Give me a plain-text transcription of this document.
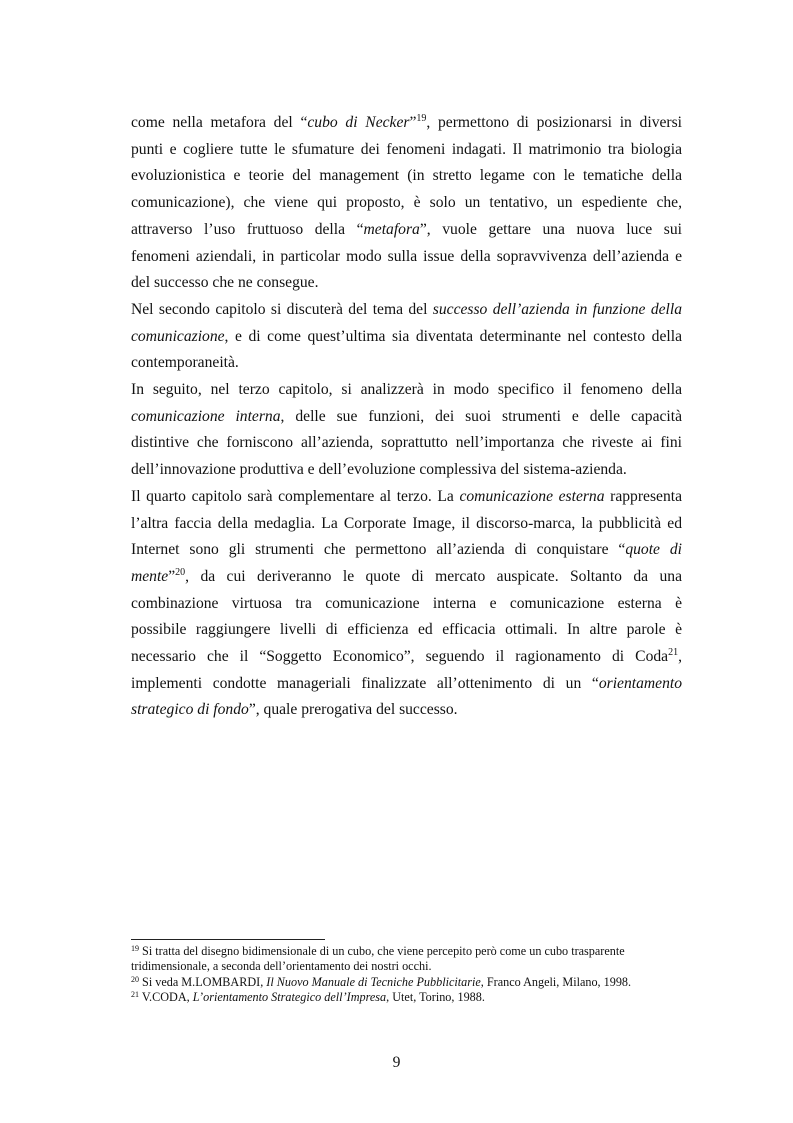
come nella metafora del “cubo di Necker”$^{19}$, permettono di posizionarsi in diversi
punti e cogliere tutte le sfumature dei fenomeni indagati. Il matrimonio tra biologia
evoluzionistica e teorie del management (in stretto legame con le tematiche della
comunicazione), che viene qui proposto, è solo un tentativo, un espediente che,
attraverso l’uso fruttuoso della “metafora”, vuole gettare una nuova luce sui
fenomeni aziendali, in particolar modo sulla issue della sopravvivenza dell’azienda e
del successo che ne consegue.

Nel secondo capitolo si discuterà del tema del successo dell’azienda in funzione della
comunicazione, e di come quest’ultima sia diventata determinante nel contesto della
contemporaneità.

In seguito, nel terzo capitolo, si analizzerà in modo specifico il fenomeno della
comunicazione interna, delle sue funzioni, dei suoi strumenti e delle capacità
distintive che forniscono all’azienda, soprattutto nell’importanza che riveste ai fini
dell’innovazione produttiva e dell’evoluzione complessiva del sistema-azienda.

Il quarto capitolo sarà complementare al terzo. La comunicazione esterna rappresenta
l’altra faccia della medaglia. La Corporate Image, il discorso-marca, la pubblicità ed
Internet sono gli strumenti che permettono all’azienda di conquistare “quote di
mente”$^{20}$, da cui deriveranno le quote di mercato auspicate. Soltanto da una
combinazione virtuosa tra comunicazione interna e comunicazione esterna è
possibile raggiungere livelli di efficienza ed efficacia ottimali. In altre parole è
necessario che il “Soggetto Economico”, seguendo il ragionamento di Coda$^{21}$,
implementi condotte manageriali finalizzate all’ottenimento di un “orientamento
strategico di fondo”, quale prerogativa del successo.

$^{19}$ Si tratta del disegno bidimensionale di un cubo, che viene percepito però come un cubo trasparente
tridimensionale, a seconda dell’orientamento dei nostri occhi.

$^{20}$ Si veda M.LOMBARDI, Il Nuovo Manuale di Tecniche Pubblicitarie, Franco Angeli, Milano, 1998.

$^{21}$ V.CODA, L’orientamento Strategico dell’Impresa, Utet, Torino, 1988.

9
